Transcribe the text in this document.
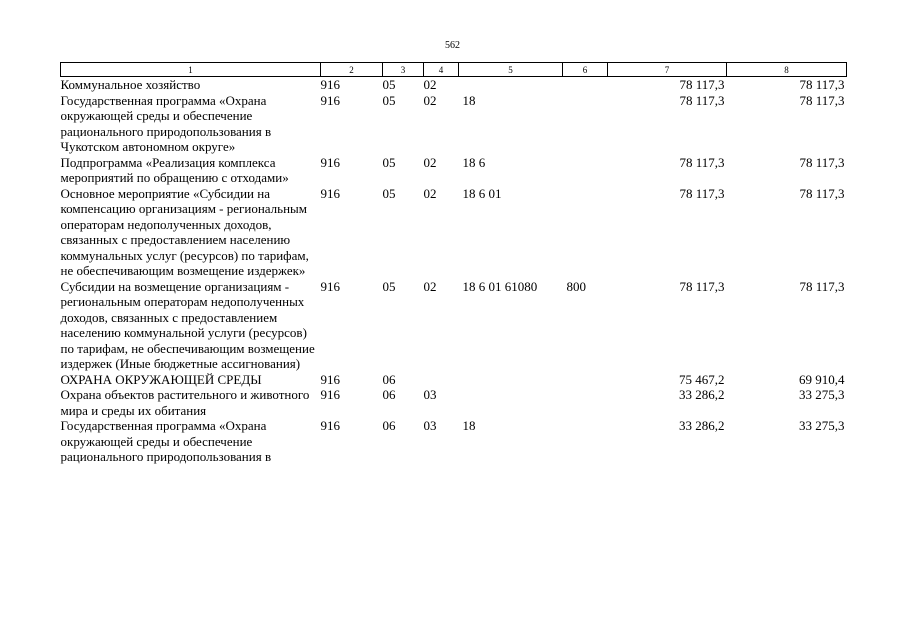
562
1	2	3	4	5	6	7	8
Коммунальное хозяйство	916	05	02			78 117,3	78 117,3
Государственная программа «Охрана окружающей среды и обеспечение рационального природопользования в Чукотском автономном округе»	916	05	02	18		78 117,3	78 117,3
Подпрограмма «Реализация комплекса мероприятий по обращению с отходами»	916	05	02	18 6		78 117,3	78 117,3
Основное мероприятие «Субсидии на компенсацию организациям - региональным операторам недополученных доходов, связанных с предоставлением населению коммунальных услуг (ресурсов) по тарифам, не обеспечивающим возмещение издержек»	916	05	02	18 6 01		78 117,3	78 117,3
Субсидии на возмещение организациям - региональным операторам недополученных доходов, связанных с предоставлением населению коммунальной услуги (ресурсов) по тарифам, не обеспечивающим возмещение издержек (Иные бюджетные ассигнования)	916	05	02	18 6 01 61080	800	78 117,3	78 117,3
ОХРАНА ОКРУЖАЮЩЕЙ СРЕДЫ	916	06				75 467,2	69 910,4
Охрана объектов растительного и животного мира и среды их обитания	916	06	03			33 286,2	33 275,3
Государственная программа «Охрана окружающей среды и обеспечение рационального природопользования в	916	06	03	18		33 286,2	33 275,3
